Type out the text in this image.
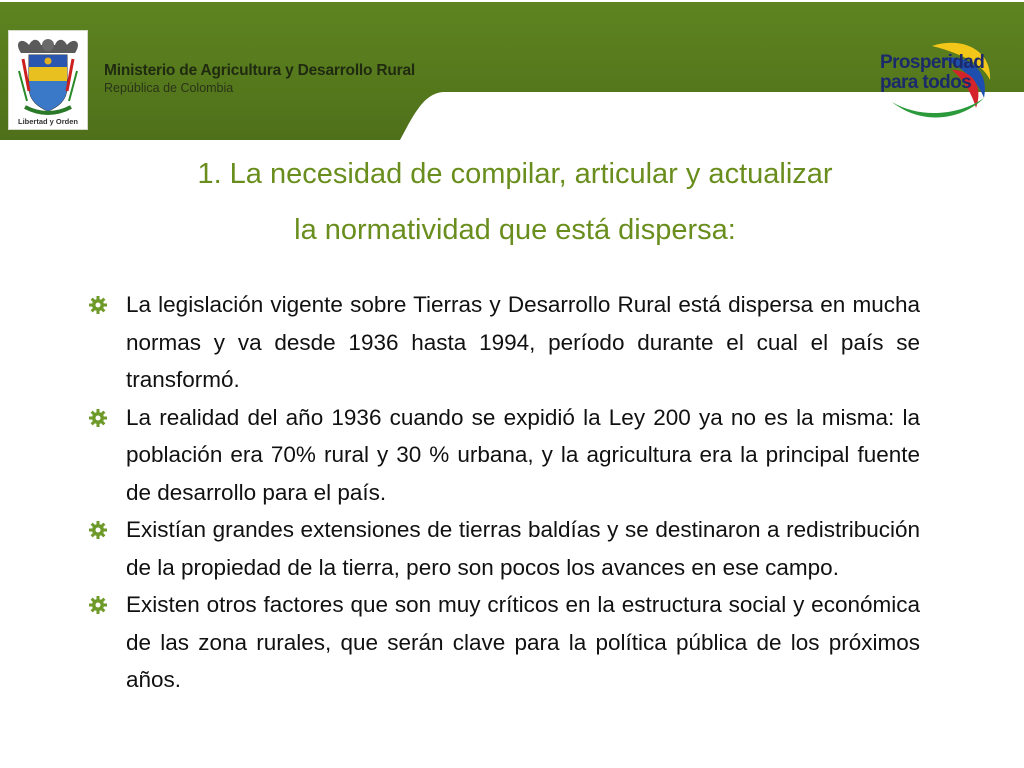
Libertad y Orden
Ministerio de Agricultura y Desarrollo Rural
República de Colombia
Prosperidad
para todos
1. La necesidad de compilar, articular y actualizar
la normatividad que está dispersa:
La legislación vigente sobre Tierras y Desarrollo Rural está dispersa en mucha normas y va desde 1936 hasta 1994, período durante el cual el país se transformó.
La realidad del año 1936 cuando se expidió la Ley 200 ya no es la misma: la población era 70% rural y 30 % urbana, y la agricultura era la principal fuente de desarrollo para el país.
Existían grandes extensiones de tierras baldías y se destinaron a redistribución de la propiedad de la tierra, pero son pocos los avances en ese campo.
Existen otros factores que son muy críticos en la estructura social y económica de las zona rurales, que serán clave para la política pública de los próximos años.
